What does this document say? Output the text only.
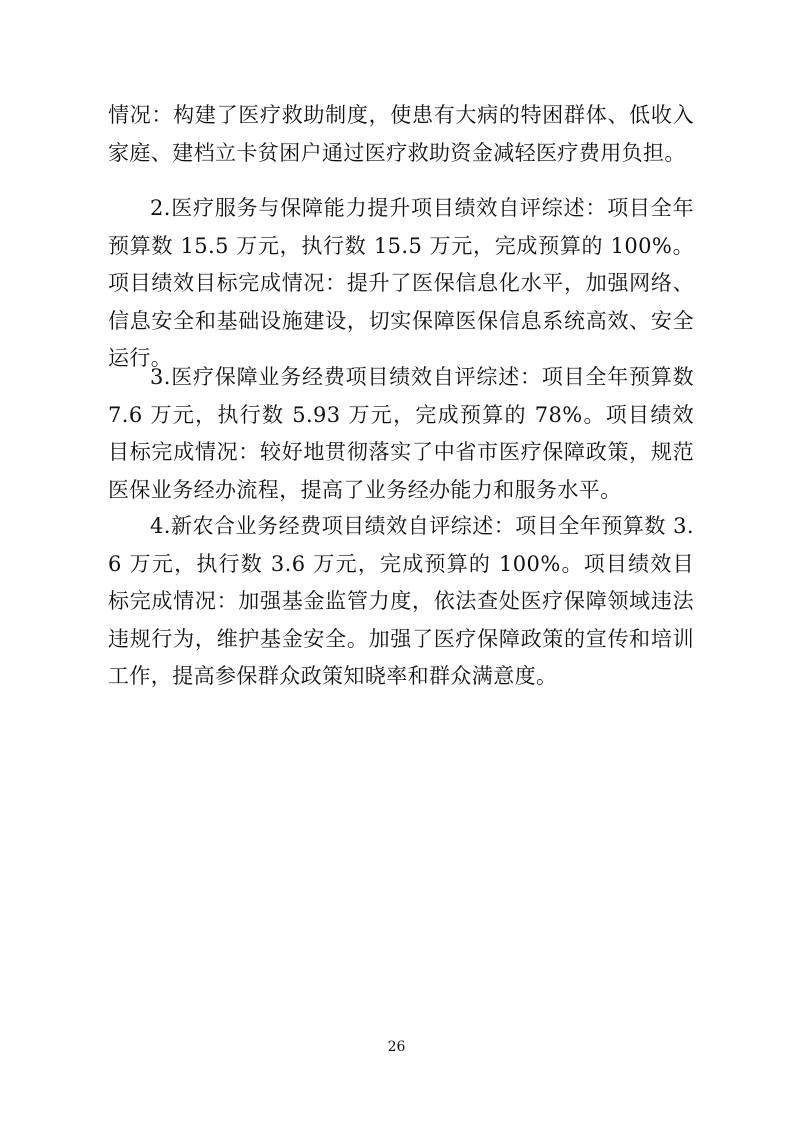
情况：构建了医疗救助制度，使患有大病的特困群体、低收入家庭、建档立卡贫困户通过医疗救助资金减轻医疗费用负担。

2.医疗服务与保障能力提升项目绩效自评综述：项目全年预算数 15.5 万元，执行数 15.5 万元，完成预算的 100%。项目绩效目标完成情况：提升了医保信息化水平，加强网络、信息安全和基础设施建设，切实保障医保信息系统高效、安全运行。

3.医疗保障业务经费项目绩效自评综述：项目全年预算数 7.6 万元，执行数 5.93 万元，完成预算的 78%。项目绩效目标完成情况：较好地贯彻落实了中省市医疗保障政策，规范医保业务经办流程，提高了业务经办能力和服务水平。

4.新农合业务经费项目绩效自评综述：项目全年预算数 3.6 万元，执行数 3.6 万元，完成预算的 100%。项目绩效目标完成情况：加强基金监管力度，依法查处医疗保障领域违法违规行为，维护基金安全。加强了医疗保障政策的宣传和培训工作，提高参保群众政策知晓率和群众满意度。

26
